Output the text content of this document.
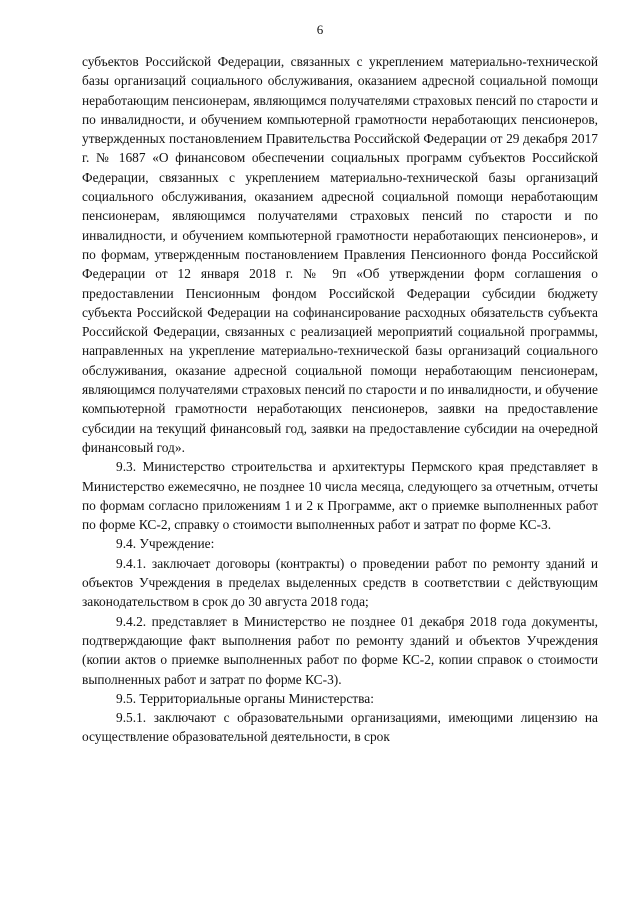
6

субъектов Российской Федерации, связанных с укреплением материально-технической базы организаций социального обслуживания, оказанием адресной социальной помощи неработающим пенсионерам, являющимся получателями страховых пенсий по старости и по инвалидности, и обучением компьютерной грамотности неработающих пенсионеров, утвержденных постановлением Правительства Российской Федерации от 29 декабря 2017 г. № 1687 «О финансовом обеспечении социальных программ субъектов Российской Федерации, связанных с укреплением материально-технической базы организаций социального обслуживания, оказанием адресной социальной помощи неработающим пенсионерам, являющимся получателями страховых пенсий по старости и по инвалидности, и обучением компьютерной грамотности неработающих пенсионеров», и по формам, утвержденным постановлением Правления Пенсионного фонда Российской Федерации от 12 января 2018 г. № 9п «Об утверждении форм соглашения о предоставлении Пенсионным фондом Российской Федерации субсидии бюджету субъекта Российской Федерации на софинансирование расходных обязательств субъекта Российской Федерации, связанных с реализацией мероприятий социальной программы, направленных на укрепление материально-технической базы организаций социального обслуживания, оказание адресной социальной помощи неработающим пенсионерам, являющимся получателями страховых пенсий по старости и по инвалидности, и обучение компьютерной грамотности неработающих пенсионеров, заявки на предоставление субсидии на текущий финансовый год, заявки на предоставление субсидии на очередной финансовый год».

9.3. Министерство строительства и архитектуры Пермского края представляет в Министерство ежемесячно, не позднее 10 числа месяца, следующего за отчетным, отчеты по формам согласно приложениям 1 и 2 к Программе, акт о приемке выполненных работ по форме КС-2, справку о стоимости выполненных работ и затрат по форме КС-3.

9.4. Учреждение:

9.4.1. заключает договоры (контракты) о проведении работ по ремонту зданий и объектов Учреждения в пределах выделенных средств в соответствии с действующим законодательством в срок до 30 августа 2018 года;

9.4.2. представляет в Министерство не позднее 01 декабря 2018 года документы, подтверждающие факт выполнения работ по ремонту зданий и объектов Учреждения (копии актов о приемке выполненных работ по форме КС-2, копии справок о стоимости выполненных работ и затрат по форме КС-3).

9.5. Территориальные органы Министерства:

9.5.1. заключают с образовательными организациями, имеющими лицензию на осуществление образовательной деятельности, в срок
